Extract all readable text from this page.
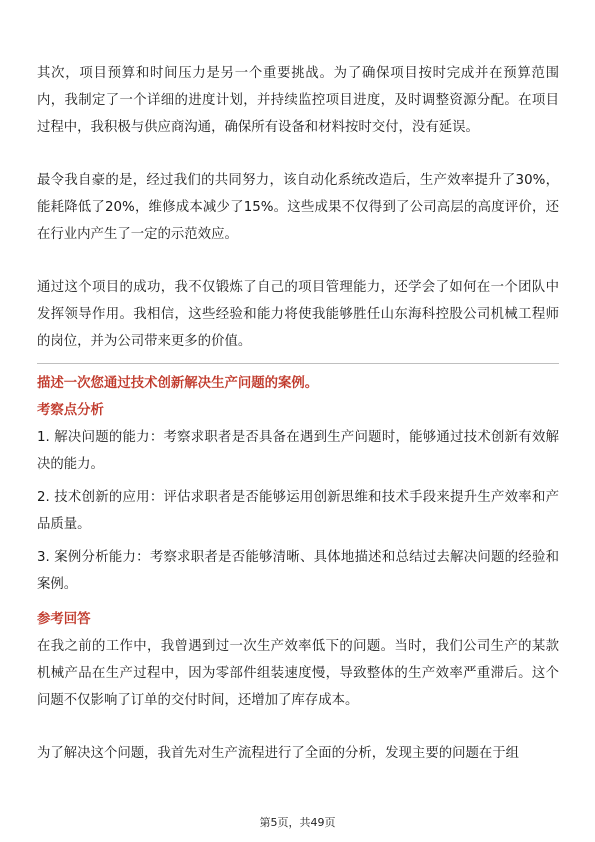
其次，项目预算和时间压力是另一个重要挑战。为了确保项目按时完成并在预算范围内，我制定了一个详细的进度计划，并持续监控项目进度，及时调整资源分配。在项目过程中，我积极与供应商沟通，确保所有设备和材料按时交付，没有延误。

最令我自豪的是，经过我们的共同努力，该自动化系统改造后，生产效率提升了30%，能耗降低了20%，维修成本减少了15%。这些成果不仅得到了公司高层的高度评价，还在行业内产生了一定的示范效应。

通过这个项目的成功，我不仅锻炼了自己的项目管理能力，还学会了如何在一个团队中发挥领导作用。我相信，这些经验和能力将使我能够胜任山东海科控股公司机械工程师的岗位，并为公司带来更多的价值。

描述一次您通过技术创新解决生产问题的案例。

考察点分析

1. 解决问题的能力：考察求职者是否具备在遇到生产问题时，能够通过技术创新有效解决的能力。
2. 技术创新的应用：评估求职者是否能够运用创新思维和技术手段来提升生产效率和产品质量。
3. 案例分析能力：考察求职者是否能够清晰、具体地描述和总结过去解决问题的经验和案例。

参考回答

在我之前的工作中，我曾遇到过一次生产效率低下的问题。当时，我们公司生产的某款机械产品在生产过程中，因为零部件组装速度慢，导致整体的生产效率严重滞后。这个问题不仅影响了订单的交付时间，还增加了库存成本。

为了解决这个问题，我首先对生产流程进行了全面的分析，发现主要的问题在于组

第5页，共49页
